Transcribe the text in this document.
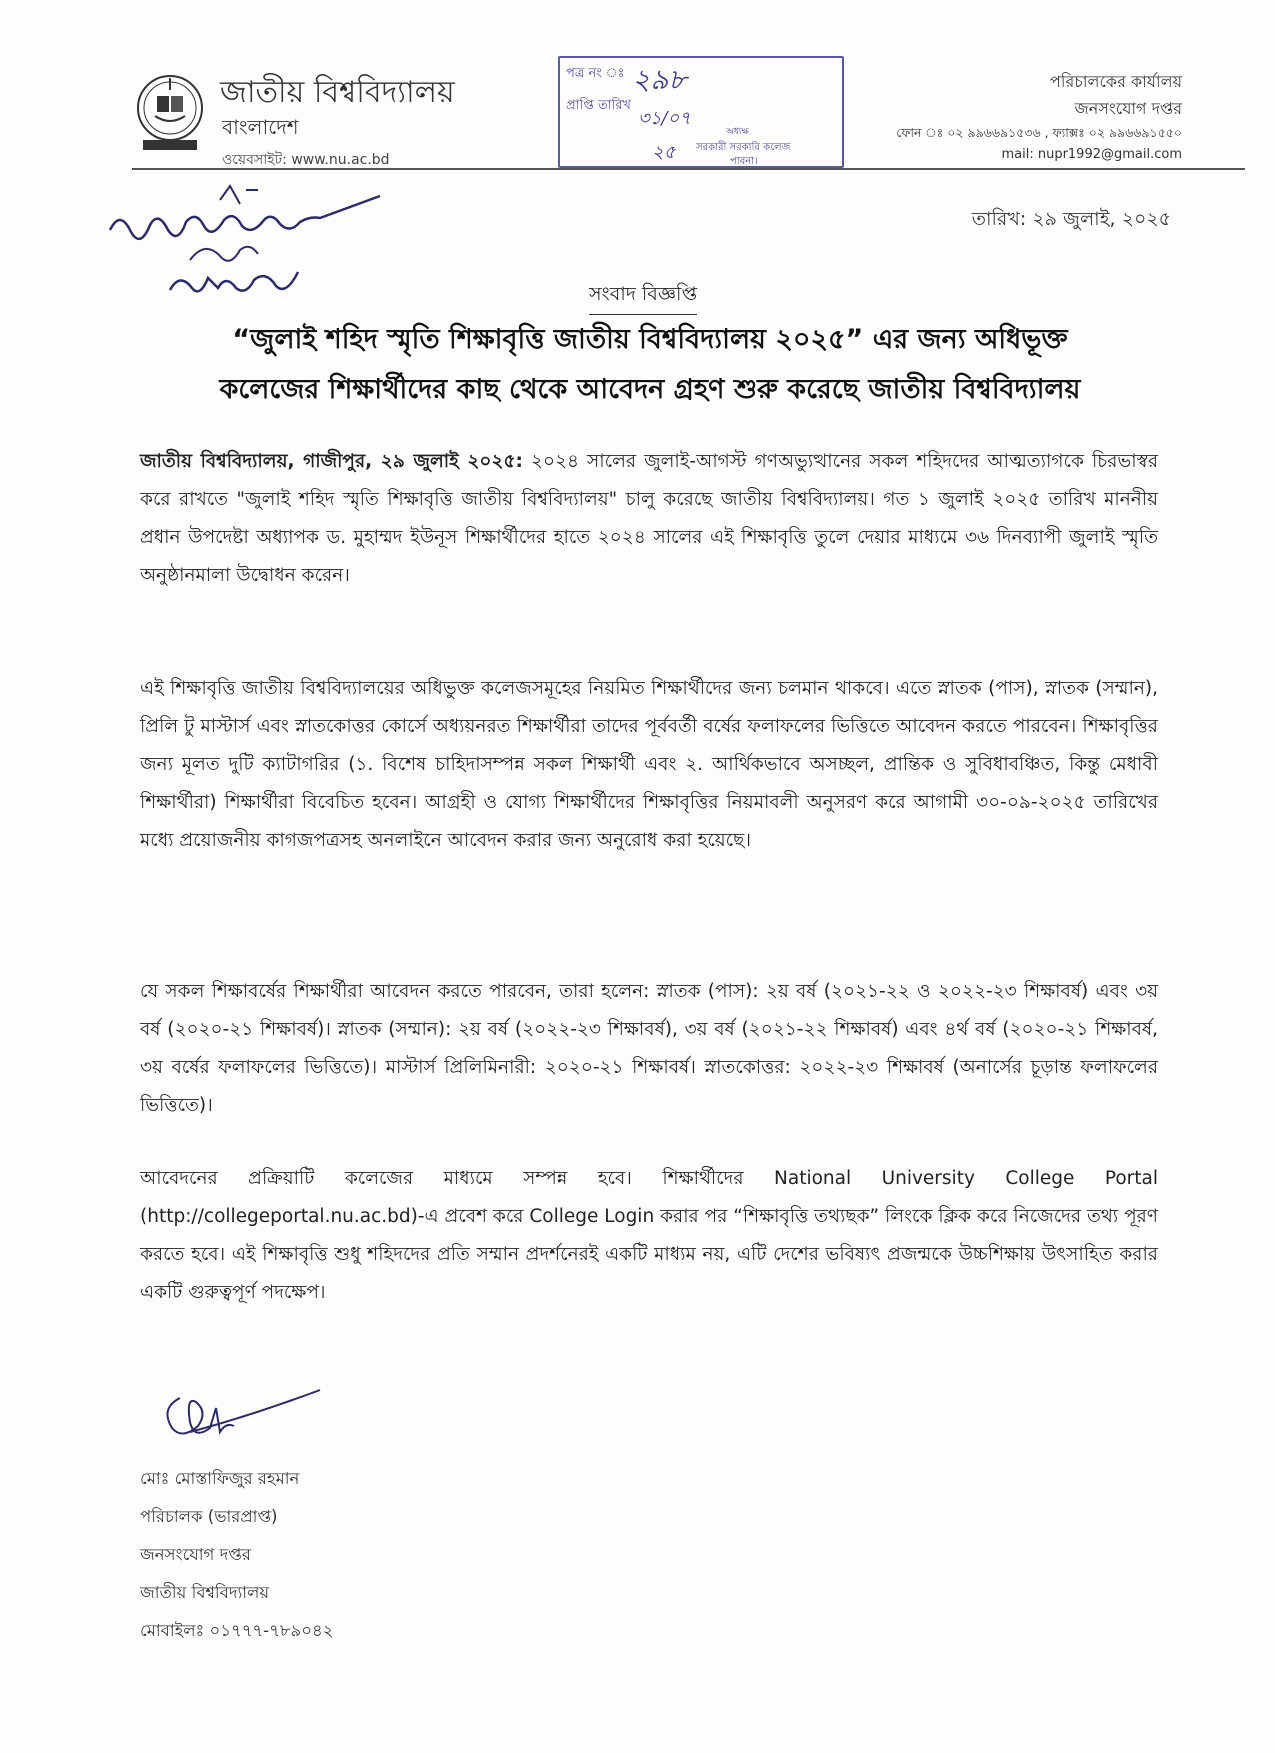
জাতীয় বিশ্ববিদ্যালয়
বাংলাদেশ
ওয়েবসাইট: www.nu.ac.bd
পত্র নং ঃ ২৯৮
প্রাপ্তি তারিখ
৩১/০৭
২৫
অধ্যক্ষ
সরকারী সরকারি কলেজ
পাবনা।
পরিচালকের কার্যালয়
জনসংযোগ দপ্তর
ফোন ঃ ০২ ৯৯৬৬৯১৫৩৬ , ফ্যাক্সঃ ০২ ৯৯৬৬৯১৫৫০
mail: nupr1992@gmail.com
তারিখ: ২৯ জুলাই, ২০২৫
সংবাদ বিজ্ঞপ্তি
“জুলাই শহিদ স্মৃতি শিক্ষাবৃত্তি জাতীয় বিশ্ববিদ্যালয় ২০২৫” এর জন্য অধিভূক্ত
কলেজের শিক্ষার্থীদের কাছ থেকে আবেদন গ্রহণ শুরু করেছে জাতীয় বিশ্ববিদ্যালয়
জাতীয় বিশ্ববিদ্যালয়, গাজীপুর, ২৯ জুলাই ২০২৫: ২০২৪ সালের জুলাই-আগস্ট গণঅভ্যুত্থানের সকল শহিদদের আত্মত্যাগকে চিরভাস্বর করে রাখতে "জুলাই শহিদ স্মৃতি শিক্ষাবৃত্তি জাতীয় বিশ্ববিদ্যালয়" চালু করেছে জাতীয় বিশ্ববিদ্যালয়। গত ১ জুলাই ২০২৫ তারিখ মাননীয় প্রধান উপদেষ্টা অধ্যাপক ড. মুহাম্মদ ইউনূস শিক্ষার্থীদের হাতে ২০২৪ সালের এই শিক্ষাবৃত্তি তুলে দেয়ার মাধ্যমে ৩৬ দিনব্যাপী জুলাই স্মৃতি অনুষ্ঠানমালা উদ্বোধন করেন।
এই শিক্ষাবৃত্তি জাতীয় বিশ্ববিদ্যালয়ের অধিভুক্ত কলেজসমূহের নিয়মিত শিক্ষার্থীদের জন্য চলমান থাকবে। এতে স্নাতক (পাস), স্নাতক (সম্মান), প্রিলি টু মাস্টার্স এবং স্নাতকোত্তর কোর্সে অধ্যয়নরত শিক্ষার্থীরা তাদের পূর্ববর্তী বর্ষের ফলাফলের ভিত্তিতে আবেদন করতে পারবেন। শিক্ষাবৃত্তির জন্য মূলত দুটি ক্যাটাগরির (১. বিশেষ চাহিদাসম্পন্ন সকল শিক্ষার্থী এবং ২. আর্থিকভাবে অসচ্ছল, প্রান্তিক ও সুবিধাবঞ্চিত, কিন্তু মেধাবী শিক্ষার্থীরা) শিক্ষার্থীরা বিবেচিত হবেন। আগ্রহী ও যোগ্য শিক্ষার্থীদের শিক্ষাবৃত্তির নিয়মাবলী অনুসরণ করে আগামী ৩০-০৯-২০২৫ তারিখের মধ্যে প্রয়োজনীয় কাগজপত্রসহ অনলাইনে আবেদন করার জন্য অনুরোধ করা হয়েছে।
যে সকল শিক্ষাবর্ষের শিক্ষার্থীরা আবেদন করতে পারবেন, তারা হলেন: স্নাতক (পাস): ২য় বর্ষ (২০২১-২২ ও ২০২২-২৩ শিক্ষাবর্ষ) এবং ৩য় বর্ষ (২০২০-২১ শিক্ষাবর্ষ)। স্নাতক (সম্মান): ২য় বর্ষ (২০২২-২৩ শিক্ষাবর্ষ), ৩য় বর্ষ (২০২১-২২ শিক্ষাবর্ষ) এবং ৪র্থ বর্ষ (২০২০-২১ শিক্ষাবর্ষ, ৩য় বর্ষের ফলাফলের ভিত্তিতে)। মাস্টার্স প্রিলিমিনারী: ২০২০-২১ শিক্ষাবর্ষ। স্নাতকোত্তর: ২০২২-২৩ শিক্ষাবর্ষ (অনার্সের চূড়ান্ত ফলাফলের ভিত্তিতে)।
আবেদনের প্রক্রিয়াটি কলেজের মাধ্যমে সম্পন্ন হবে। শিক্ষার্থীদের National University College Portal (http://collegeportal.nu.ac.bd)-এ প্রবেশ করে College Login করার পর “শিক্ষাবৃত্তি তথ্যছক” লিংকে ক্লিক করে নিজেদের তথ্য পূরণ করতে হবে। এই শিক্ষাবৃত্তি শুধু শহিদদের প্রতি সম্মান প্রদর্শনেরই একটি মাধ্যম নয়, এটি দেশের ভবিষ্যৎ প্রজন্মকে উচ্চশিক্ষায় উৎসাহিত করার একটি গুরুত্বপূর্ণ পদক্ষেপ।
মোঃ মোস্তাফিজুর রহমান
পরিচালক (ভারপ্রাপ্ত)
জনসংযোগ দপ্তর
জাতীয় বিশ্ববিদ্যালয়
মোবাইলঃ ০১৭৭৭-৭৮৯০৪২
